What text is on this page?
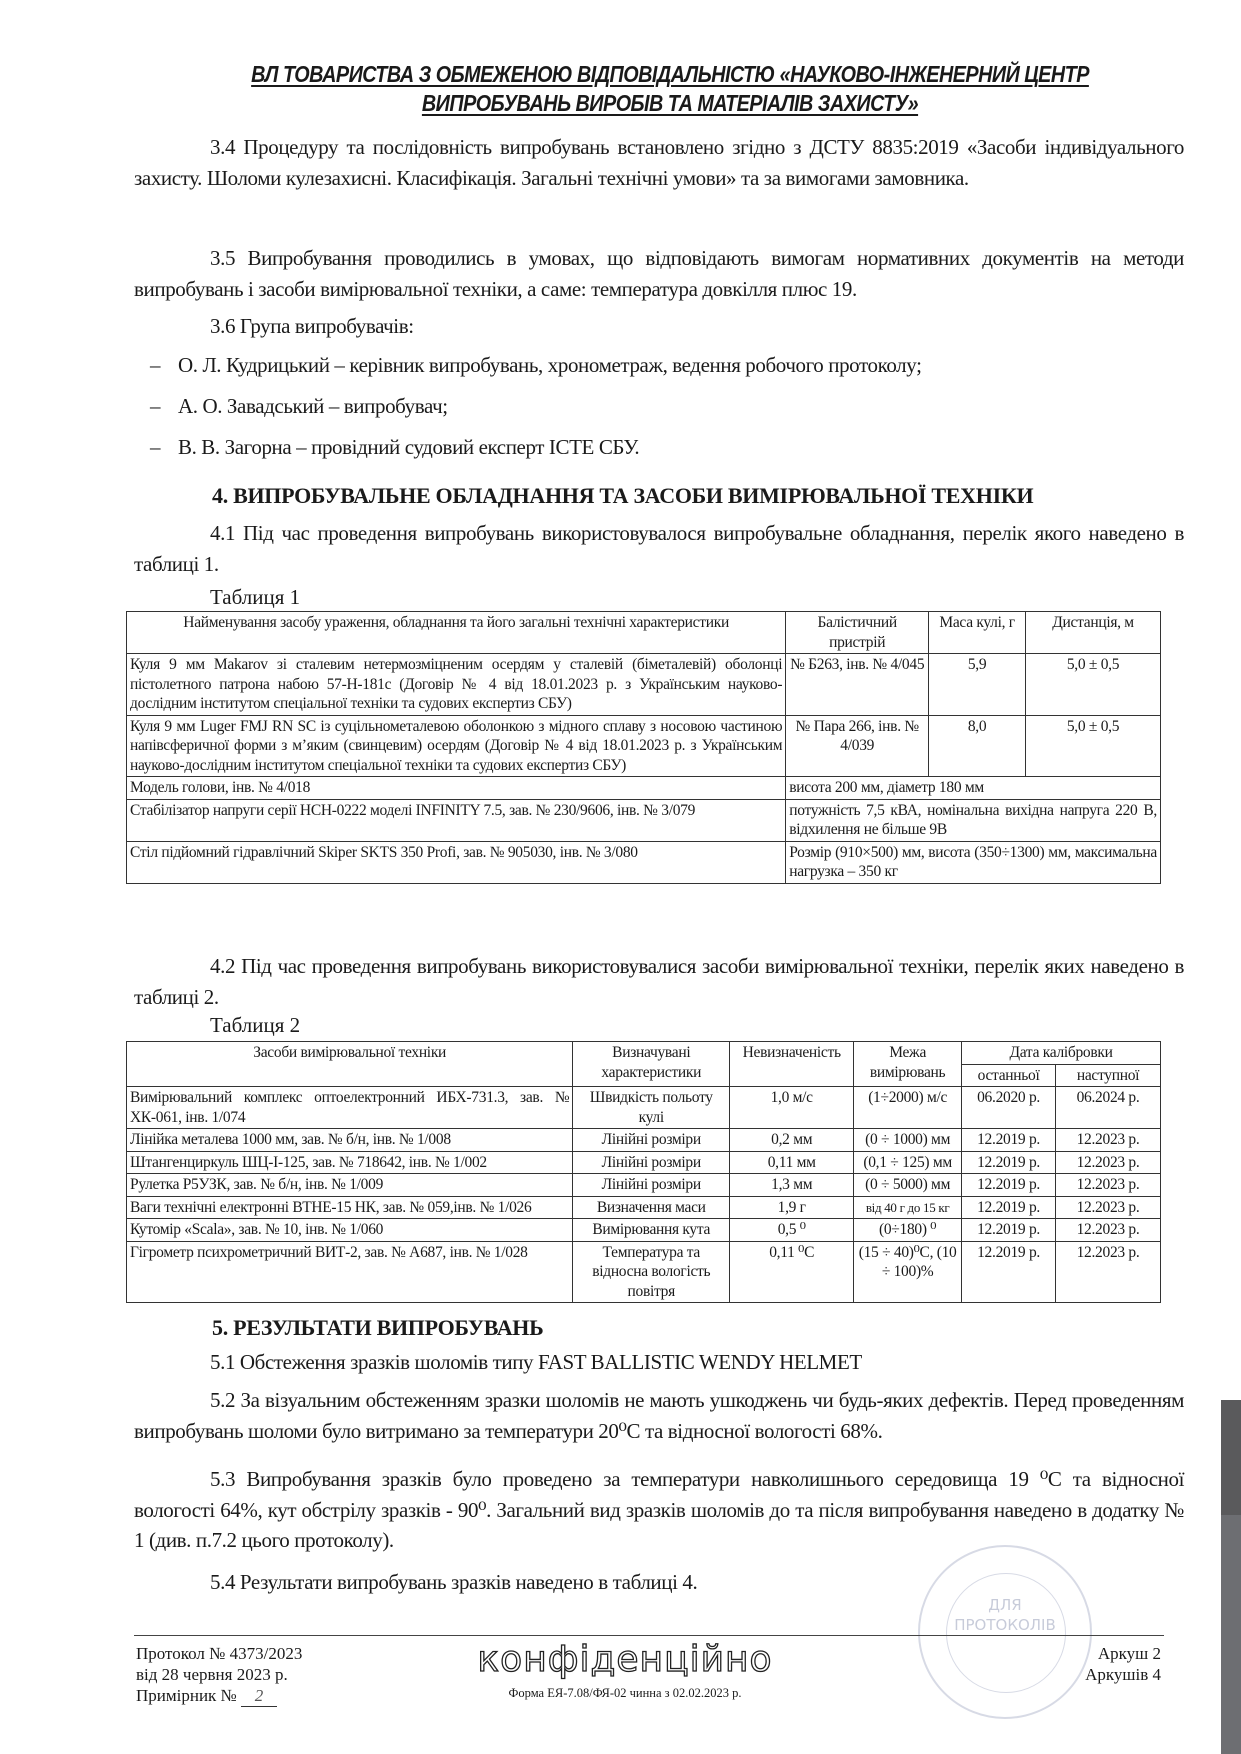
ВЛ ТОВАРИСТВА З ОБМЕЖЕНОЮ ВІДПОВІДАЛЬНІСТЮ «НАУКОВО-ІНЖЕНЕРНИЙ ЦЕНТР
ВИПРОБУВАНЬ ВИРОБІВ ТА МАТЕРІАЛІВ ЗАХИСТУ»

3.4 Процедуру та послідовність випробувань встановлено згідно з ДСТУ 8835:2019 «Засоби індивідуального захисту. Шоломи кулезахисні. Класифікація. Загальні технічні умови» та за вимогами замовника.

3.5 Випробування проводились в умовах, що відповідають вимогам нормативних документів на методи випробувань і засоби вимірювальної техніки, а саме: температура довкілля плюс 19.

3.6 Група випробувачів:

– О. Л. Кудрицький – керівник випробувань, хронометраж, ведення робочого протоколу;
– А. О. Завадський – випробувач;
– В. В. Загорна – провідний судовий експерт ІСТЕ СБУ.
4. ВИПРОБУВАЛЬНЕ ОБЛАДНАННЯ ТА ЗАСОБИ ВИМІРЮВАЛЬНОЇ ТЕХНІКИ

4.1 Під час проведення випробувань використовувалося випробувальне обладнання, перелік якого наведено в таблиці 1.

Таблиця 1
Найменування засобу ураження, обладнання та його загальні технічні характеристики	Балістичний пристрій	Маса кулі, г	Дистанція, м
Куля 9 мм Makarov зі сталевим нетермозміцненим осердям у сталевій (біметалевій) оболонці пістолетного патрона набою 57-Н-181с (Договір № 4 від 18.01.2023 р. з Українським науково-дослідним інститутом спеціальної техніки та судових експертиз СБУ)	№ Б263, інв. № 4/045	5,9	5,0 ± 0,5
Куля 9 мм Luger FMJ RN SC із суцільнометалевою оболонкою з мідного сплаву з носовою частиною напівсферичної форми з м’яким (свинцевим) осердям (Договір № 4 від 18.01.2023 р. з Українським науково-дослідним інститутом спеціальної техніки та судових експертиз СБУ)	№ Пара 266, інв. № 4/039	8,0	5,0 ± 0,5
Модель голови, інв. № 4/018	висота 200 мм, діаметр 180 мм		
Стабілізатор напруги серії НСН-0222 моделі INFINITY 7.5, зав. № 230/9606, інв. № 3/079	потужність 7,5 кВА, номінальна вихідна напруга 220 В, відхилення не більше 9В		
Стіл підйомний гідравлічний Skiper SKTS 350 Profi, зав. № 905030, інв. № 3/080	Розмір (910×500) мм, висота (350÷1300) мм, максимальна нагрузка – 350 кг		

4.2 Під час проведення випробувань використовувалися засоби вимірювальної техніки, перелік яких наведено в таблиці 2.

Таблиця 2
Засоби вимірювальної техніки	Визначувані характеристики	Невизначеність	Межа вимірювань	Дата калібровки	
				останньої	наступної
Вимірювальний комплекс оптоелектронний ИБХ-731.3, зав. № ХК-061, інв. 1/074	Швидкість польоту кулі	1,0 м/с	(1÷2000) м/с	06.2020 р.	06.2024 р.
Лінійка металева 1000 мм, зав. № б/н, інв. № 1/008	Лінійні розміри	0,2 мм	(0 ÷ 1000) мм	12.2019 р.	12.2023 р.
Штангенциркуль ШЦ-І-125, зав. № 718642, інв. № 1/002	Лінійні розміри	0,11 мм	(0,1 ÷ 125) мм	12.2019 р.	12.2023 р.
Рулетка Р5УЗК, зав. № б/н, інв. № 1/009	Лінійні розміри	1,3 мм	(0 ÷ 5000) мм	12.2019 р.	12.2023 р.
Ваги технічні електронні ВТНЕ-15 НК, зав. № 059,інв. № 1/026	Визначення маси	1,9 г	від 40 г до 15 кг	12.2019 р.	12.2023 р.
Кутомір «Scala», зав. № 10, інв. № 1/060	Вимірювання кута	0,5 ⁰	(0÷180) ⁰	12.2019 р.	12.2023 р.
Гігрометр психрометричний ВИТ-2, зав. № А687, інв. № 1/028	Температура та відносна вологість повітря	0,11 ⁰С	(15 ÷ 40)⁰С, (10 ÷ 100)%	12.2019 р.	12.2023 р.
5. РЕЗУЛЬТАТИ ВИПРОБУВАНЬ

5.1 Обстеження зразків шоломів типу FAST BALLISTIC WENDY HELMET

5.2 За візуальним обстеженням зразки шоломів не мають ушкоджень чи будь-яких дефектів. Перед проведенням випробувань шоломи було витримано за температури 20⁰С та відносної вологості 68%.

5.3 Випробування зразків було проведено за температури навколишнього середовища 19 ⁰С та відносної вологості 64%, кут обстрілу зразків - 90⁰. Загальний вид зразків шоломів до та після випробування наведено в додатку № 1 (див. п.7.2 цього протоколу).

5.4 Результати випробувань зразків наведено в таблиці 4.

ДЛЯ
ПРОТОКОЛІВ
Протокол № 4373/2023
від 28 червня 2023 р.
Примірник № 2
конфіденційно
Форма ЕЯ-7.08/ФЯ-02 чинна з 02.02.2023 р.
Аркуш 2
Аркушів 4
